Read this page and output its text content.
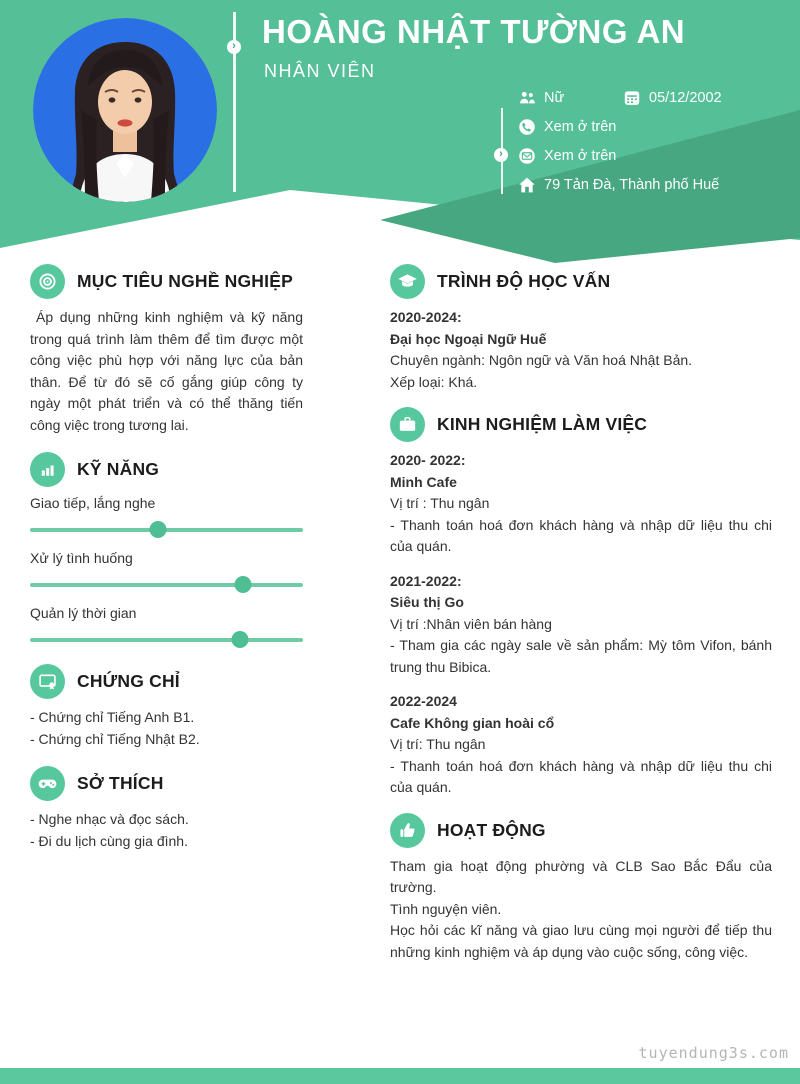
› HOÀNG NHẬT TƯỜNG AN
NHÂN VIÊN
›
Nữ	05/12/2002
Xem ở trên
Xem ở trên
79 Tản Đà, Thành phố Huế
MỤC TIÊU NGHỀ NGHIỆP

Áp dụng những kinh nghiệm và kỹ năng trong quá trình làm thêm để tìm được một công việc phù hợp với năng lực của bản thân. Để từ đó sẽ cố gắng giúp công ty ngày một phát triển và có thể thăng tiến công việc trong tương lai.

KỸ NĂNG
Giao tiếp, lắng nghe
Xử lý tình huống
Quản lý thời gian
CHỨNG CHỈ
- Chứng chỉ Tiếng Anh B1.
- Chứng chỉ Tiếng Nhật B2.
SỞ THÍCH
- Nghe nhạc và đọc sách.
- Đi du lịch cùng gia đình.
TRÌNH ĐỘ HỌC VẤN
2020-2024:
Đại học Ngoại Ngữ Huế
Chuyên ngành: Ngôn ngữ và Văn hoá Nhật Bản.
Xếp loại: Khá.
KINH NGHIỆM LÀM VIỆC
2020- 2022:
Minh Cafe
Vị trí : Thu ngân
- Thanh toán hoá đơn khách hàng và nhập dữ liệu thu chi của quán.
2021-2022:
Siêu thị Go
Vị trí :Nhân viên bán hàng
- Tham gia các ngày sale về sản phẩm: Mỳ tôm Vifon, bánh trung thu Bibica.
2022-2024
Cafe Không gian hoài cổ
Vị trí: Thu ngân
- Thanh toán hoá đơn khách hàng và nhập dữ liệu thu chi của quán.
HOẠT ĐỘNG
Tham gia hoạt động phường và CLB Sao Bắc Đẩu của trường.
Tình nguyện viên.
Học hỏi các kĩ năng và giao lưu cùng mọi người để tiếp thu những kinh nghiệm và áp dụng vào cuộc sống, công việc.
tuyendung3s.com
